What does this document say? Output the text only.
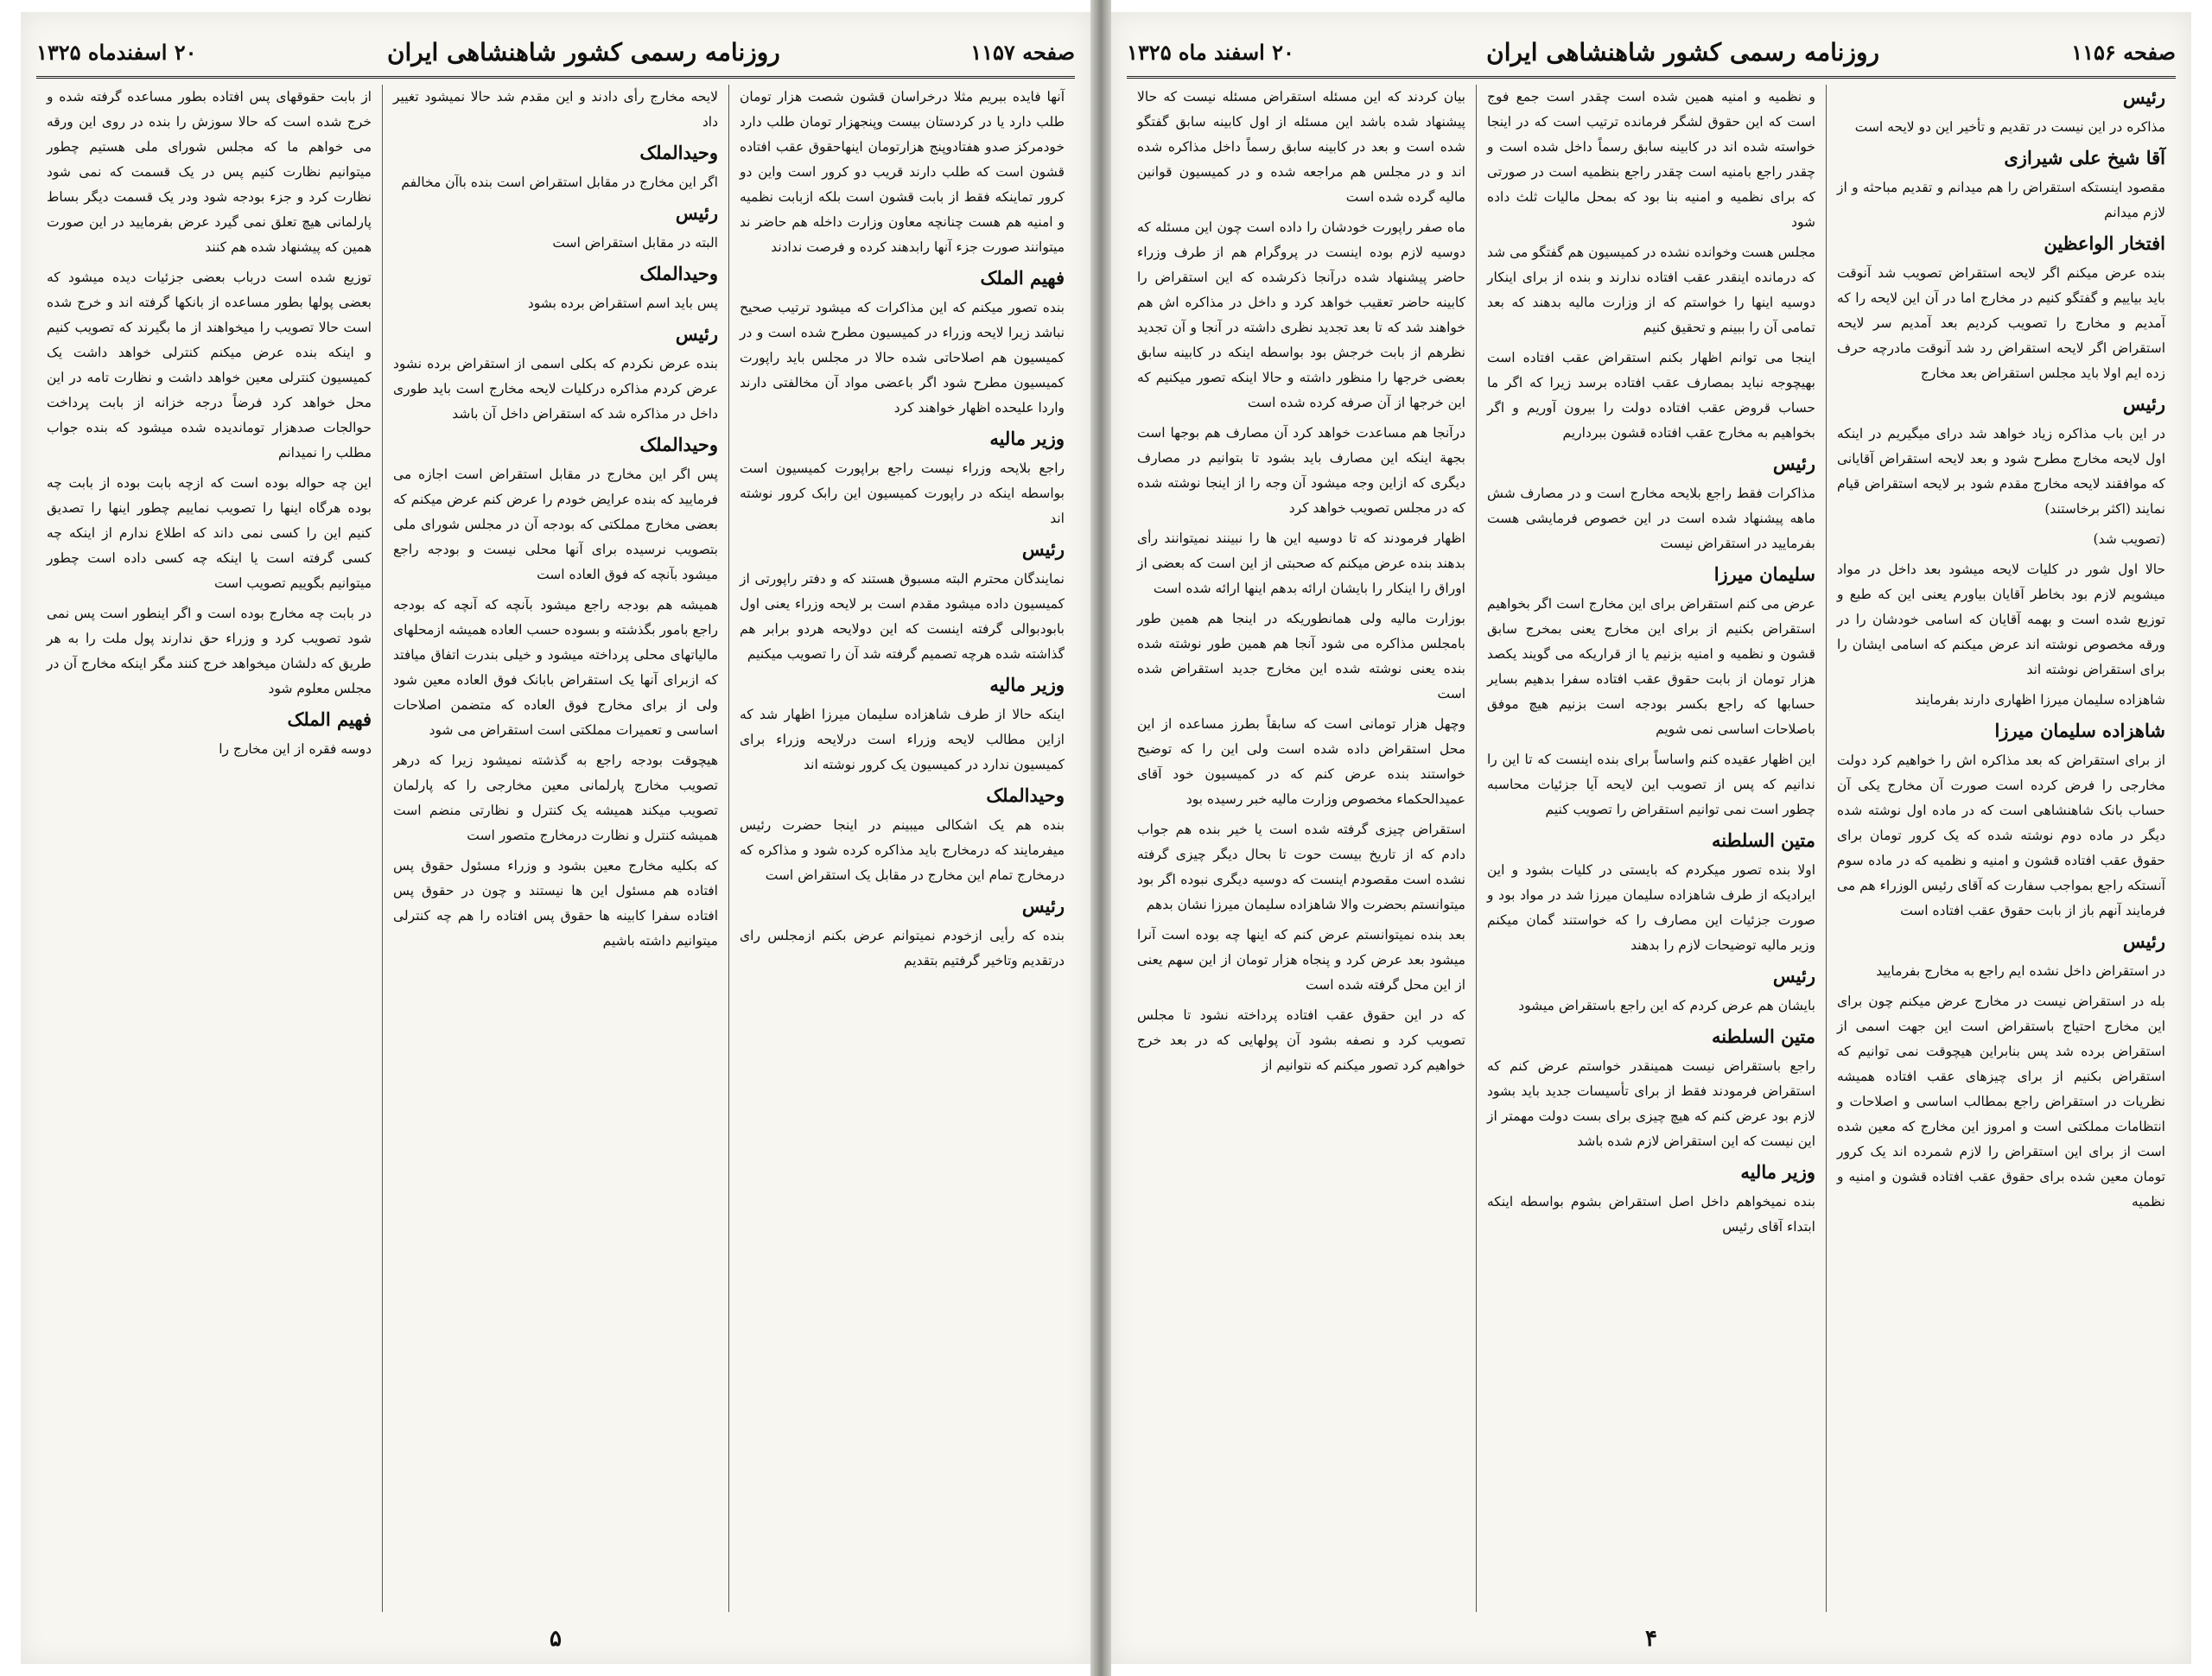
صفحه ۱۱۵۷
روزنامه رسمی کشور شاهنشاهی ایران
۲۰ اسفندماه ۱۳۲۵

آنها فایده ببریم مثلا درخراسان قشون شصت هزار تومان طلب دارد یا در کردستان بیست وپنجهزار تومان طلب دارد خودمرکز صدو هفتادوپنج هزارتومان اینهاحقوق عقب افتاده قشون است که طلب دارند قریب دو کرور است واین دو کرور تماینکه فقط از بابت قشون است بلکه ازبابت نظمیه و امنیه هم هست چنانچه معاون وزارت داخله هم حاضر ند میتوانند صورت جزء آنها رابدهند کرده و فرصت ندادند

فهیم الملک

بنده تصور میکنم که این مذاکرات که میشود ترتیب صحیح نباشد زیرا لایحه وزراء در کمیسیون مطرح شده است و در کمیسیون هم اصلاحاتی شده حالا در مجلس باید راپورت کمیسیون مطرح شود اگر باعضی مواد آن مخالفتی دارند واردا علیحده اظهار خواهند کرد

وزیر مالیه

راجع بلایحه وزراء نیست راجع براپورت کمیسیون است بواسطه اینکه در راپورت کمیسیون این رابک کرور نوشته اند

رئیس

نمایندگان محترم البته مسبوق هستند که و دفتر راپورتی از کمیسیون داده میشود مقدم است بر لایحه وزراء یعنی اول بابودبوالی گرفته اینست که این دولایحه هردو برابر هم گذاشته شده هرچه تصمیم گرفته شد آن را تصویب میکنیم

وزیر مالیه

اینکه حالا از طرف شاهزاده سلیمان میرزا اظهار شد که ازاین مطالب لایحه وزراء است درلایحه وزراء برای کمیسیون ندارد در کمیسیون یک کرور نوشته اند

وحیدالملک

بنده هم یک اشکالی میبینم در اینجا حضرت رئیس میفرمایند که درمخارج باید مذاکره کرده شود و مذاکره که درمخارج تمام این مخارج در مقابل یک استقراض است

رئیس

بنده که رأیی ازخودم نمیتوانم عرض بکنم ازمجلس رای درتقدیم وتاخیر گرفتیم بتقدیم

لایحه مخارج رأی دادند و این مقدم شد حالا نمیشود تغییر داد

وحیدالملک

اگر این مخارج در مقابل استقراض است بنده باآن مخالفم

رئیس

البته در مقابل استقراض است

وحیدالملک

پس باید اسم استقراض برده بشود

رئیس

بنده عرض نکردم که بکلی اسمی از استقراض برده نشود عرض کردم مذاکره درکلیات لایحه مخارج است باید طوری داخل در مذاکره شد که استقراض داخل آن باشد

وحیدالملک

پس اگر این مخارج در مقابل استقراض است اجازه می فرمایید که بنده عرایض خودم را عرض کنم عرض میکنم که بعضی مخارج مملکتی که بودجه آن در مجلس شورای ملی بتصویب نرسیده برای آنها محلی نیست و بودجه راجع میشود بآنچه که فوق العاده است

همیشه هم بودجه راجع میشود بآنچه که آنچه که بودجه راجع بامور بگذشته و بسوده حسب العاده همیشه ازمحلهای مالیاتهای محلی پرداخته میشود و خیلی بندرت اتفاق میافتد که ازبرای آنها یک استقراض بابانک فوق العاده معین شود ولی از برای مخارج فوق العاده که متضمن اصلاحات اساسی و تعمیرات مملکتی است استقراض می شود

هیچوقت بودجه راجع به گذشته نمیشود زیرا که درهر تصویب مخارج پارلمانی معین مخارجی را که پارلمان تصویب میکند همیشه یک کنترل و نظارتی منضم است همیشه کنترل و نظارت درمخارج متصور است

که بکلیه مخارج معین بشود و وزراء مسئول حقوق پس افتاده هم مسئول این ها نیستند و چون در حقوق پس افتاده سفرا کابینه ها حقوق پس افتاده را هم چه کنترلی میتوانیم داشته باشیم

از بابت حقوقهای پس افتاده بطور مساعده گرفته شده و خرج شده است که حالا سوزش را بنده در روی این ورقه می خواهم ما که مجلس شورای ملی هستیم چطور میتوانیم نظارت کنیم پس در یک قسمت که نمی شود نظارت کرد و جزء بودجه شود ودر یک قسمت دیگر بساط پارلمانی هیچ تعلق نمی گیرد عرض بفرمایید در این صورت همین که پیشنهاد شده هم کنند

توزیع شده است درباب بعضی جزئیات دیده میشود که بعضی پولها بطور مساعده از بانکها گرفته اند و خرج شده است حالا تصویب را میخواهند از ما بگیرند که تصویب کنیم و اینکه بنده عرض میکنم کنترلی خواهد داشت یک کمیسیون کنترلی معین خواهد داشت و نظارت تامه در این محل خواهد کرد فرضاً درجه خزانه از بابت پرداخت حوالجات صدهزار توماندیده شده میشود که بنده جواب مطلب را نمیدانم

این چه حواله بوده است که ازچه بابت بوده از بابت چه بوده هرگاه اینها را تصویب نماییم چطور اینها را تصدیق کنیم این را کسی نمی داند که اطلاع ندارم از اینکه چه کسی گرفته است یا اینکه چه کسی داده است چطور میتوانیم بگوییم تصویب است

در بابت چه مخارج بوده است و اگر اینطور است پس نمی شود تصویب کرد و وزراء حق ندارند پول ملت را به هر طریق که دلشان میخواهد خرج کنند مگر اینکه مخارج آن در مجلس معلوم شود

فهیم الملک

دوسه فقره از این مخارج را

۵
صفحه ۱۱۵۶
روزنامه رسمی کشور شاهنشاهی ایران
۲۰ اسفند ماه ۱۳۲۵

رئیس

مذاکره در این نیست در تقدیم و تأخیر این دو لایحه است

آقا شیخ علی شیرازی

مقصود اینستکه استقراض را هم میدانم و تقدیم مباحثه و از لازم میدانم

افتخار الواعظین

بنده عرض میکنم اگر لایحه استقراض تصویب شد آنوقت باید بیاییم و گفتگو کنیم در مخارج اما در آن این لایحه را که آمدیم و مخارج را تصویب کردیم بعد آمدیم سر لایحه استقراض اگر لایحه استقراض رد شد آنوقت مادرچه حرف زده ایم اولا باید مجلس استقراض بعد مخارج

رئیس

در این باب مذاکره زیاد خواهد شد درای میگیریم در اینکه اول لایحه مخارج مطرح شود و بعد لایحه استقراض آقایانی که موافقند لایحه مخارج مقدم شود بر لایحه استقراض قیام نمایند (اکثر برخاستند)

(تصویب شد)

حالا اول شور در کلیات لایحه میشود بعد داخل در مواد میشویم لازم بود بخاطر آقایان بیاورم یعنی این که طبع و توزیع شده است و بهمه آقایان که اسامی خودشان را در ورقه مخصوص نوشته اند عرض میکنم که اسامی ایشان را برای استقراض نوشته اند

شاهزاده سلیمان میرزا اظهاری دارند بفرمایند

شاهزاده سلیمان میرزا

از برای استقراض که بعد مذاکره اش را خواهیم کرد دولت مخارجی را فرض کرده است صورت آن مخارج یکی آن حساب بانک شاهنشاهی است که در ماده اول نوشته شده دیگر در ماده دوم نوشته شده که یک کرور تومان برای حقوق عقب افتاده قشون و امنیه و نظمیه که در ماده سوم آنستکه راجع بمواجب سفارت که آقای رئیس الوزراء هم می فرمایند آنهم باز از بابت حقوق عقب افتاده است

رئیس

در استقراض داخل نشده ایم راجع به مخارج بفرمایید

بله در استقراض نیست در مخارج عرض میکنم چون برای این مخارج احتیاج باستقراض است این جهت اسمی از استقراض برده شد پس بنابراین هیچوقت نمی توانیم که استقراض بکنیم از برای چیزهای عقب افتاده همیشه نظریات در استقراض راجع بمطالب اساسی و اصلاحات و انتظامات مملکتی است و امروز این مخارج که معین شده است از برای این استقراض را لازم شمرده اند یک کرور تومان معین شده برای حقوق عقب افتاده قشون و امنیه و نظمیه

و نظمیه و امنیه همین شده است چقدر است جمع فوج است که این حقوق لشگر فرمانده ترتیب است که در اینجا خواسته شده اند در کابینه سابق رسماً داخل شده است و چقدر راجع بامنیه است چقدر راجع بنظمیه است در صورتی که برای نظمیه و امنیه بنا بود که بمحل مالیات ثلث داده شود

مجلس هست وخوانده نشده در کمیسیون هم گفتگو می شد که درمانده اینقدر عقب افتاده ندارند و بنده از برای اینکار دوسیه اینها را خواستم که از وزارت مالیه بدهند که بعد تمامی آن را ببینم و تحقیق کنیم

اینجا می توانم اظهار بکنم استقراض عقب افتاده است بهیچوجه نباید بمصارف عقب افتاده برسد زیرا که اگر ما حساب قروض عقب افتاده دولت را بیرون آوریم و اگر بخواهیم به مخارج عقب افتاده قشون ببرداریم

رئیس

مذاکرات فقط راجع بلایحه مخارج است و در مصارف شش ماهه پیشنهاد شده است در این خصوص فرمایشی هست بفرمایید در استقراض نیست

سلیمان میرزا

عرض می کنم استقراض برای این مخارج است اگر بخواهیم استقراض بکنیم از برای این مخارج یعنی بمخرج سابق قشون و نظمیه و امنیه بزنیم یا از قراریکه می گویند یکصد هزار تومان از بابت حقوق عقب افتاده سفرا بدهیم بسایر حسابها که راجع بکسر بودجه است بزنیم هیچ موفق باصلاحات اساسی نمی شویم

این اظهار عقیده کنم واساساً برای بنده اینست که تا این را ندانیم که پس از تصویب این لایحه آیا جزئیات محاسبه چطور است نمی توانیم استقراض را تصویب کنیم

متین السلطنه

اولا بنده تصور میکردم که بایستی در کلیات بشود و این ایرادیکه از طرف شاهزاده سلیمان میرزا شد در مواد بود و صورت جزئیات این مصارف را که خواستند گمان میکنم وزیر مالیه توضیحات لازم را بدهند

رئیس

بایشان هم عرض کردم که این راجع باستقراض میشود

متین السلطنه

راجع باستقراض نیست همینقدر خواستم عرض کنم که استقراض فرمودند فقط از برای تأسیسات جدید باید بشود لازم بود عرض کنم که هیچ چیزی برای بست دولت مهمتر از این نیست که این استقراض لازم شده باشد

وزیر مالیه

بنده نمیخواهم داخل اصل استقراض بشوم بواسطه اینکه ابتداء آقای رئیس

بیان کردند که این مسئله استقراض مسئله نیست که حالا پیشنهاد شده باشد این مسئله از اول کابینه سابق گفتگو شده است و بعد در کابینه سابق رسماً داخل مذاکره شده اند و در مجلس هم مراجعه شده و در کمیسیون قوانین مالیه گرده شده است

ماه صفر راپورت خودشان را داده است چون این مسئله که دوسیه لازم بوده اینست در پروگرام هم از طرف وزراء حاضر پیشنهاد شده درآنجا ذکرشده که این استقراض را کابینه حاضر تعقیب خواهد کرد و داخل در مذاکره اش هم خواهند شد که تا بعد تجدید نظری داشته در آنجا و آن تجدید نظرهم از بابت خرجش بود بواسطه اینکه در کابینه سابق بعضی خرجها را منظور داشته و حالا اینکه تصور میکنیم که این خرجها از آن صرفه کرده شده است

درآنجا هم مساعدت خواهد کرد آن مصارف هم بوجها است بجهة اینکه این مصارف باید بشود تا بتوانیم در مصارف دیگری که ازاین وجه میشود آن وجه را از اینجا نوشته شده که در مجلس تصویب خواهد کرد

اظهار فرمودند که تا دوسیه این ها را نبینند نمیتوانند رأی بدهند بنده عرض میکنم که صحبتی از این است که بعضی از اوراق را اینکار را بایشان ارائه بدهم اینها ارائه شده است

بوزارت مالیه ولی همانطوریکه در اینجا هم همین طور بامجلس مذاکره می شود آنجا هم همین طور نوشته شده بنده یعنی نوشته شده این مخارج جدید استقراض شده است

وچهل هزار تومانی است که سابقاً بطرز مساعده از این محل استقراض داده شده است ولی این را که توضیح خواستند بنده عرض کنم که در کمیسیون خود آقای عمیدالحکماء مخصوص وزارت مالیه خبر رسیده بود

استقراض چیزی گرفته شده است یا خیر بنده هم جواب دادم که از تاریخ بیست حوت تا بحال دیگر چیزی گرفته نشده است مقصودم اینست که دوسیه دیگری نبوده اگر بود میتوانستم بحضرت والا شاهزاده سلیمان میرزا نشان بدهم

بعد بنده نمیتوانستم عرض کنم که اینها چه بوده است آنرا میشود بعد عرض کرد و پنجاه هزار تومان از این سهم یعنی از این محل گرفته شده است

که در این حقوق عقب افتاده پرداخته نشود تا مجلس تصویب کرد و نصفه بشود آن پولهایی که در بعد خرج خواهیم کرد تصور میکنم که نتوانیم از

۴
